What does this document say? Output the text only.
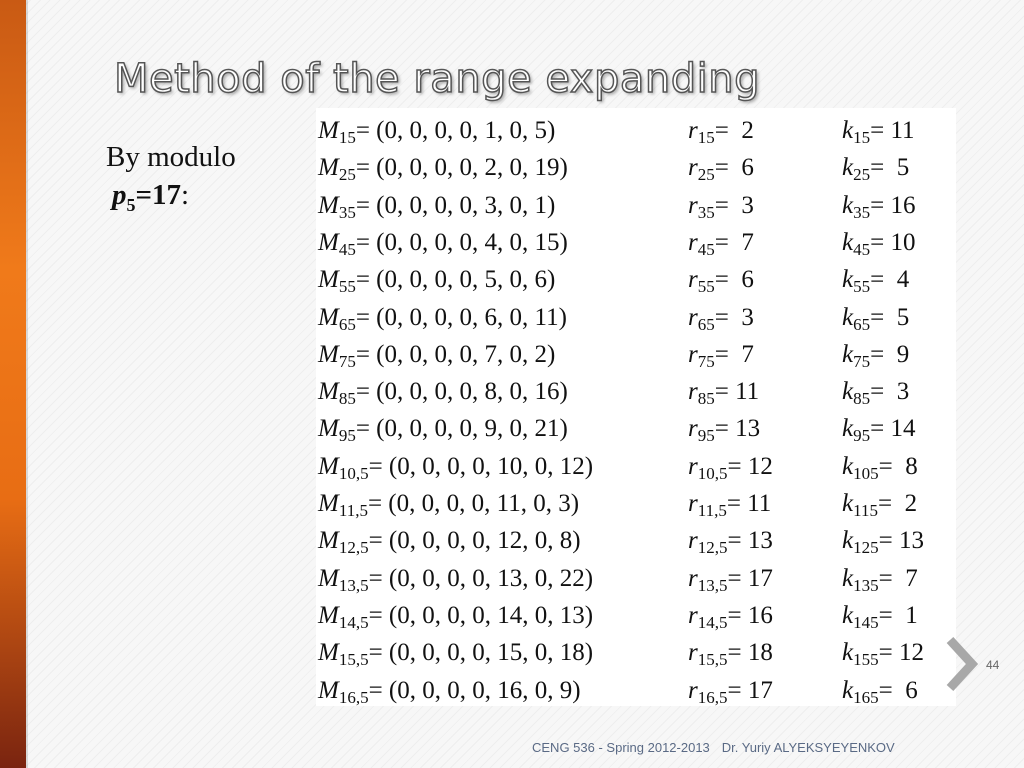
Method of the range expanding
By modulo
$p_5=17$:
$M_{15}= (0$, 0, 0, 0, 1, 0, 5)	$r_{15}= 2$	$k_{15}= 11$
$M_{25}= (0$, 0, 0, 0, 2, 0, 19)	$r_{25}= 6$	$k_{25}= 5$
$M_{35}= (0$, 0, 0, 0, 3, 0, 1)	$r_{35}= 3$	$k_{35}= 16$
$M_{45}= (0$, 0, 0, 0, 4, 0, 15)	$r_{45}= 7$	$k_{45}= 10$
$M_{55}= (0$, 0, 0, 0, 5, 0, 6)	$r_{55}= 6$	$k_{55}= 4$
$M_{65}= (0$, 0, 0, 0, 6, 0, 11)	$r_{65}= 3$	$k_{65}= 5$
$M_{75}= (0$, 0, 0, 0, 7, 0, 2)	$r_{75}= 7$	$k_{75}= 9$
$M_{85}= (0$, 0, 0, 0, 8, 0, 16)	$r_{85}= 11$	$k_{85}= 3$
$M_{95}= (0$, 0, 0, 0, 9, 0, 21)	$r_{95}= 13$	$k_{95}= 14$
$M_{10,5}= (0$, 0, 0, 0, 10, 0, 12)	$r_{10,5}= 12$	$k_{105}= 8$
$M_{11,5}= (0$, 0, 0, 0, 11, 0, 3)	$r_{11,5}= 11$	$k_{115}= 2$
$M_{12,5}= (0$, 0, 0, 0, 12, 0, 8)	$r_{12,5}= 13$	$k_{125}= 13$
$M_{13,5}= (0$, 0, 0, 0, 13, 0, 22)	$r_{13,5}= 17$	$k_{135}= 7$
$M_{14,5}= (0$, 0, 0, 0, 14, 0, 13)	$r_{14,5}= 16$	$k_{145}= 1$
$M_{15,5}= (0$, 0, 0, 0, 15, 0, 18)	$r_{15,5}= 18$	$k_{155}= 12$
$M_{16,5}= (0$, 0, 0, 0, 16, 0, 9)	$r_{16,5}= 17$	$k_{165}= 6$
44
CENG 536 - Spring 2012-2013 Dr. Yuriy ALYEKSYEYENKOV
